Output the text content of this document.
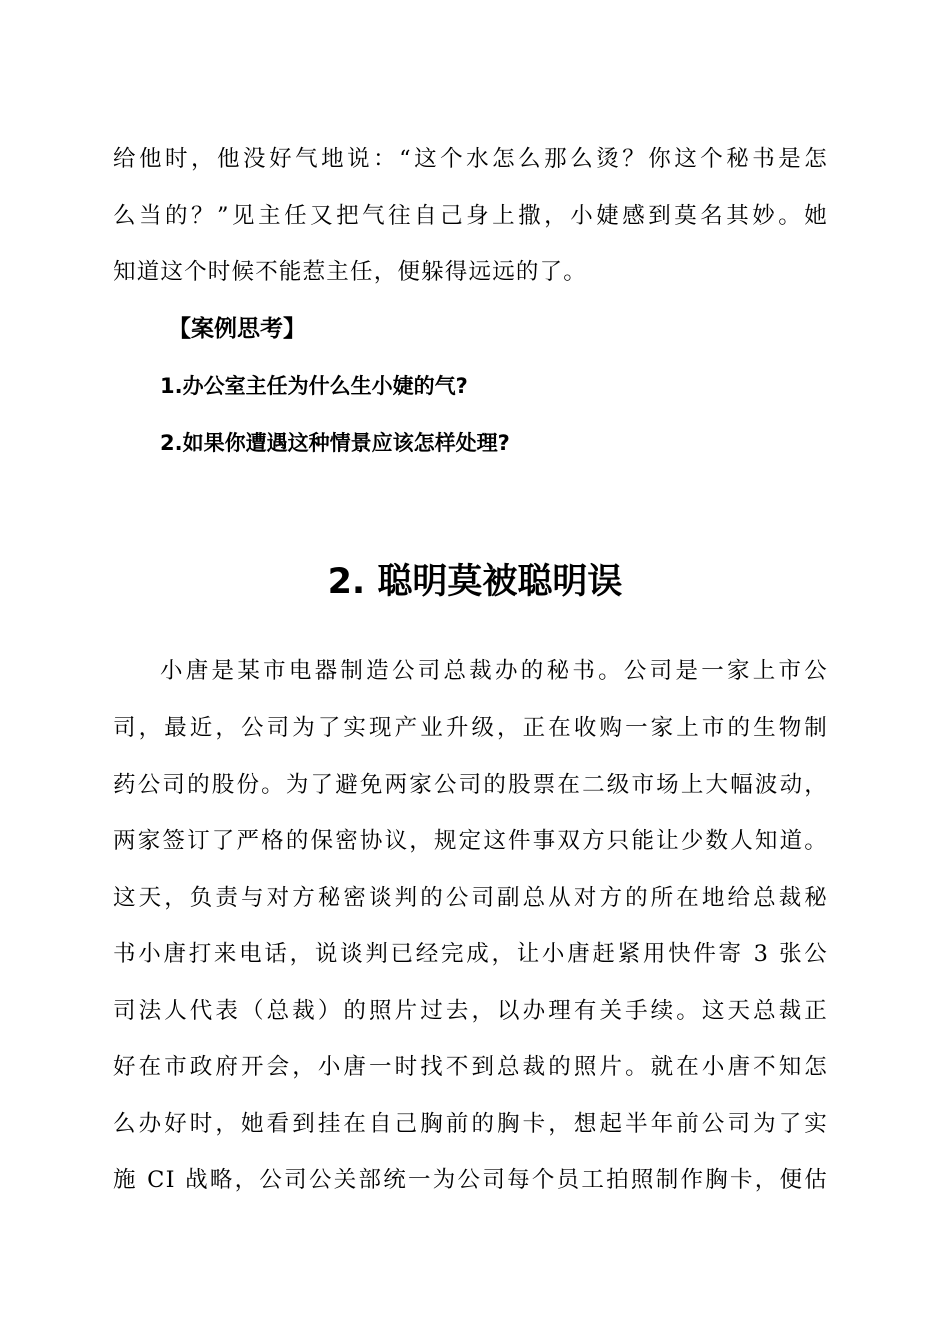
给他时，他没好气地说：“这个水怎么那么烫？你这个秘书是怎
么当的？”见主任又把气往自己身上撒，小婕感到莫名其妙。她
知道这个时候不能惹主任，便躲得远远的了。
【案例思考】
1.办公室主任为什么生小婕的气?
2.如果你遭遇这种情景应该怎样处理?
2. 聪明莫被聪明误
小唐是某市电器制造公司总裁办的秘书。公司是一家上市公
司，最近，公司为了实现产业升级，正在收购一家上市的生物制
药公司的股份。为了避免两家公司的股票在二级市场上大幅波动，
两家签订了严格的保密协议，规定这件事双方只能让少数人知道。
这天，负责与对方秘密谈判的公司副总从对方的所在地给总裁秘
书小唐打来电话，说谈判已经完成，让小唐赶紧用快件寄 3 张公
司法人代表（总裁）的照片过去，以办理有关手续。这天总裁正
好在市政府开会，小唐一时找不到总裁的照片。就在小唐不知怎
么办好时，她看到挂在自己胸前的胸卡，想起半年前公司为了实
施 CI 战略，公司公关部统一为公司每个员工拍照制作胸卡，便估
